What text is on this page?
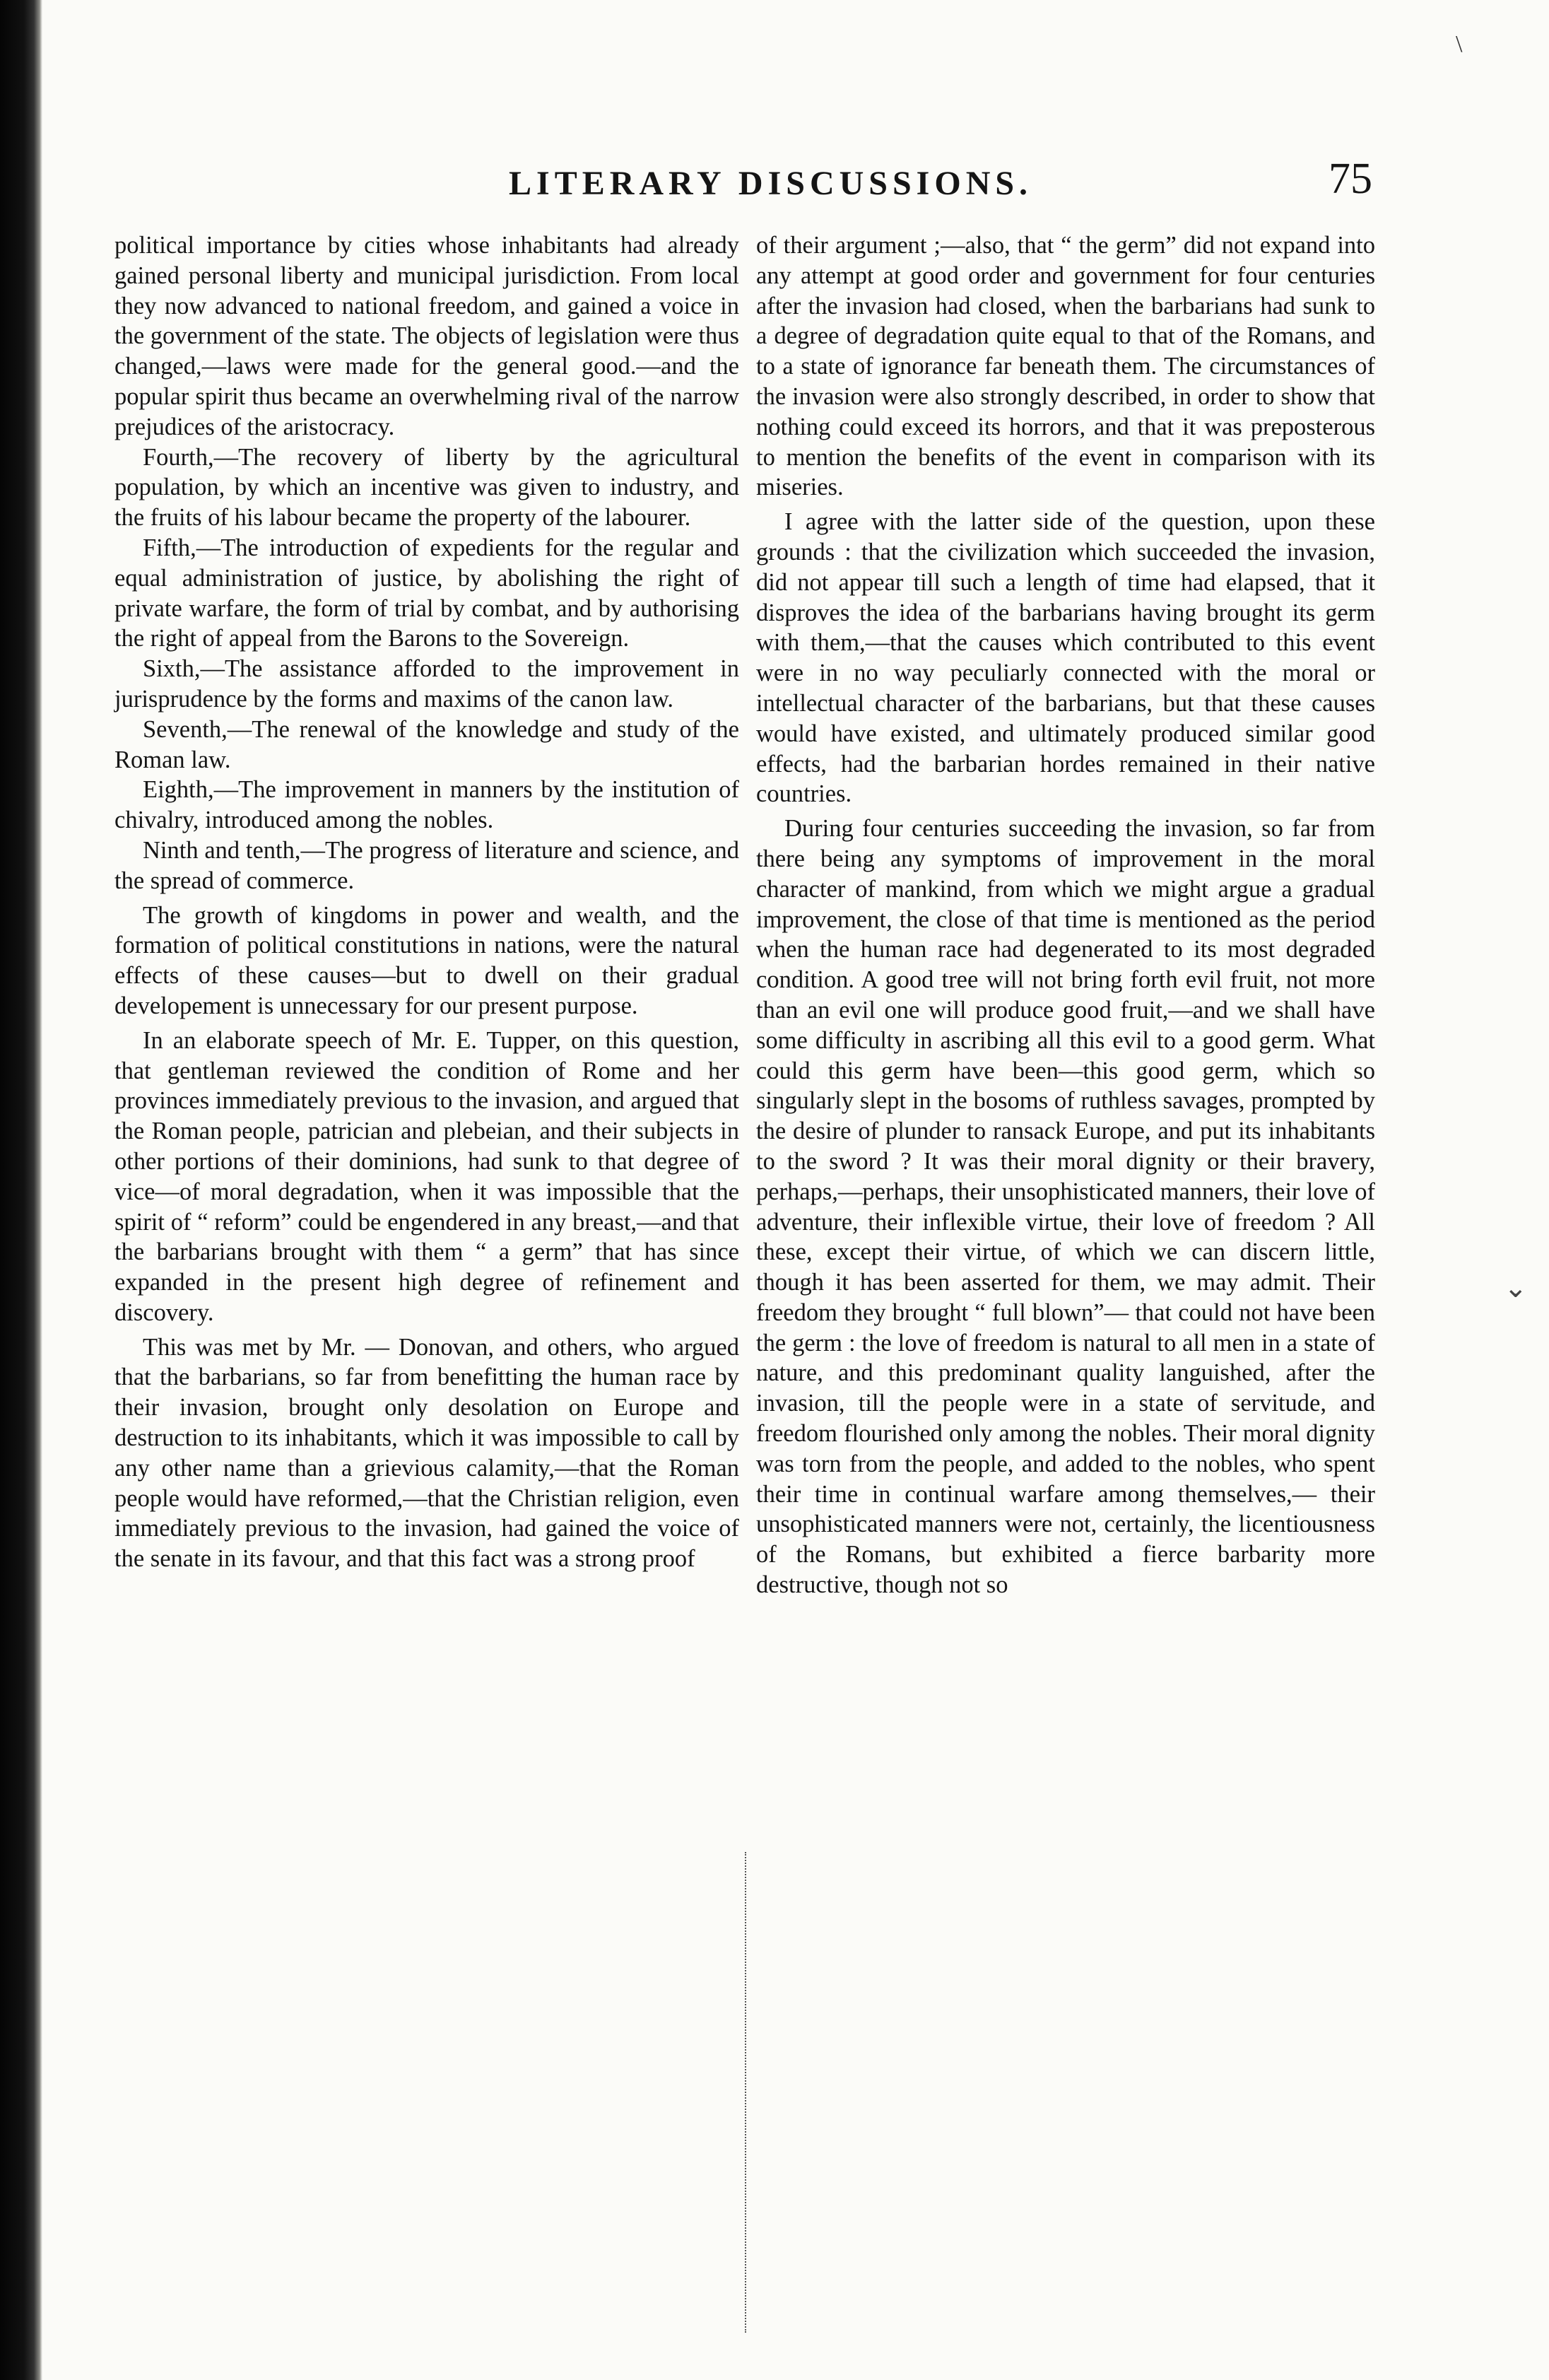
\
⌄
LITERARY DISCUSSIONS.	75

political importance by cities whose inhabitants had already gained personal liberty and municipal jurisdiction. From local they now advanced to national freedom, and gained a voice in the government of the state. The objects of legislation were thus changed,—laws were made for the general good.—and the popular spirit thus became an overwhelming rival of the narrow prejudices of the aristocracy.

Fourth,—The recovery of liberty by the agricultural population, by which an incentive was given to industry, and the fruits of his labour became the property of the labourer.

Fifth,—The introduction of expedients for the regular and equal administration of justice, by abolishing the right of private warfare, the form of trial by combat, and by authorising the right of appeal from the Barons to the Sovereign.

Sixth,—The assistance afforded to the improvement in jurisprudence by the forms and maxims of the canon law.

Seventh,—The renewal of the knowledge and study of the Roman law.

Eighth,—The improvement in manners by the institution of chivalry, introduced among the nobles.

Ninth and tenth,—The progress of literature and science, and the spread of commerce.

The growth of kingdoms in power and wealth, and the formation of political constitutions in nations, were the natural effects of these causes—but to dwell on their gradual developement is unnecessary for our present purpose.

In an elaborate speech of Mr. E. Tupper, on this question, that gentleman reviewed the condition of Rome and her provinces immediately previous to the invasion, and argued that the Roman people, patrician and plebeian, and their subjects in other portions of their dominions, had sunk to that degree of vice—of moral degradation, when it was impossible that the spirit of “ reform” could be engendered in any breast,—and that the barbarians brought with them “ a germ” that has since expanded in the present high degree of refinement and discovery.

This was met by Mr. — Donovan, and others, who argued that the barbarians, so far from benefitting the human race by their invasion, brought only desolation on Europe and destruction to its inhabitants, which it was impossible to call by any other name than a grievious calamity,—that the Roman people would have reformed,—that the Christian religion, even immediately previous to the invasion, had gained the voice of the senate in its favour, and that this fact was a strong proof

of their argument ;—also, that “ the germ” did not expand into any attempt at good order and government for four centuries after the invasion had closed, when the barbarians had sunk to a degree of degradation quite equal to that of the Romans, and to a state of ignorance far beneath them. The circumstances of the invasion were also strongly described, in order to show that nothing could exceed its horrors, and that it was preposterous to mention the benefits of the event in comparison with its miseries.

I agree with the latter side of the question, upon these grounds : that the civilization which succeeded the invasion, did not appear till such a length of time had elapsed, that it disproves the idea of the barbarians having brought its germ with them,—that the causes which contributed to this event were in no way peculiarly connected with the moral or intellectual character of the barbarians, but that these causes would have existed, and ultimately produced similar good effects, had the barbarian hordes remained in their native countries.

During four centuries succeeding the invasion, so far from there being any symptoms of improvement in the moral character of mankind, from which we might argue a gradual improvement, the close of that time is mentioned as the period when the human race had degenerated to its most degraded condition. A good tree will not bring forth evil fruit, not more than an evil one will produce good fruit,—and we shall have some difficulty in ascribing all this evil to a good germ. What could this germ have been—this good germ, which so singularly slept in the bosoms of ruthless savages, prompted by the desire of plunder to ransack Europe, and put its inhabitants to the sword ? It was their moral dignity or their bravery, perhaps,—perhaps, their unsophisticated manners, their love of adventure, their inflexible virtue, their love of freedom ? All these, except their virtue, of which we can discern little, though it has been asserted for them, we may admit. Their freedom they brought “ full blown”— that could not have been the germ : the love of freedom is natural to all men in a state of nature, and this predominant quality languished, after the invasion, till the people were in a state of servitude, and freedom flourished only among the nobles. Their moral dignity was torn from the people, and added to the nobles, who spent their time in continual warfare among themselves,— their unsophisticated manners were not, certainly, the licentiousness of the Romans, but exhibited a fierce barbarity more destructive, though not so
